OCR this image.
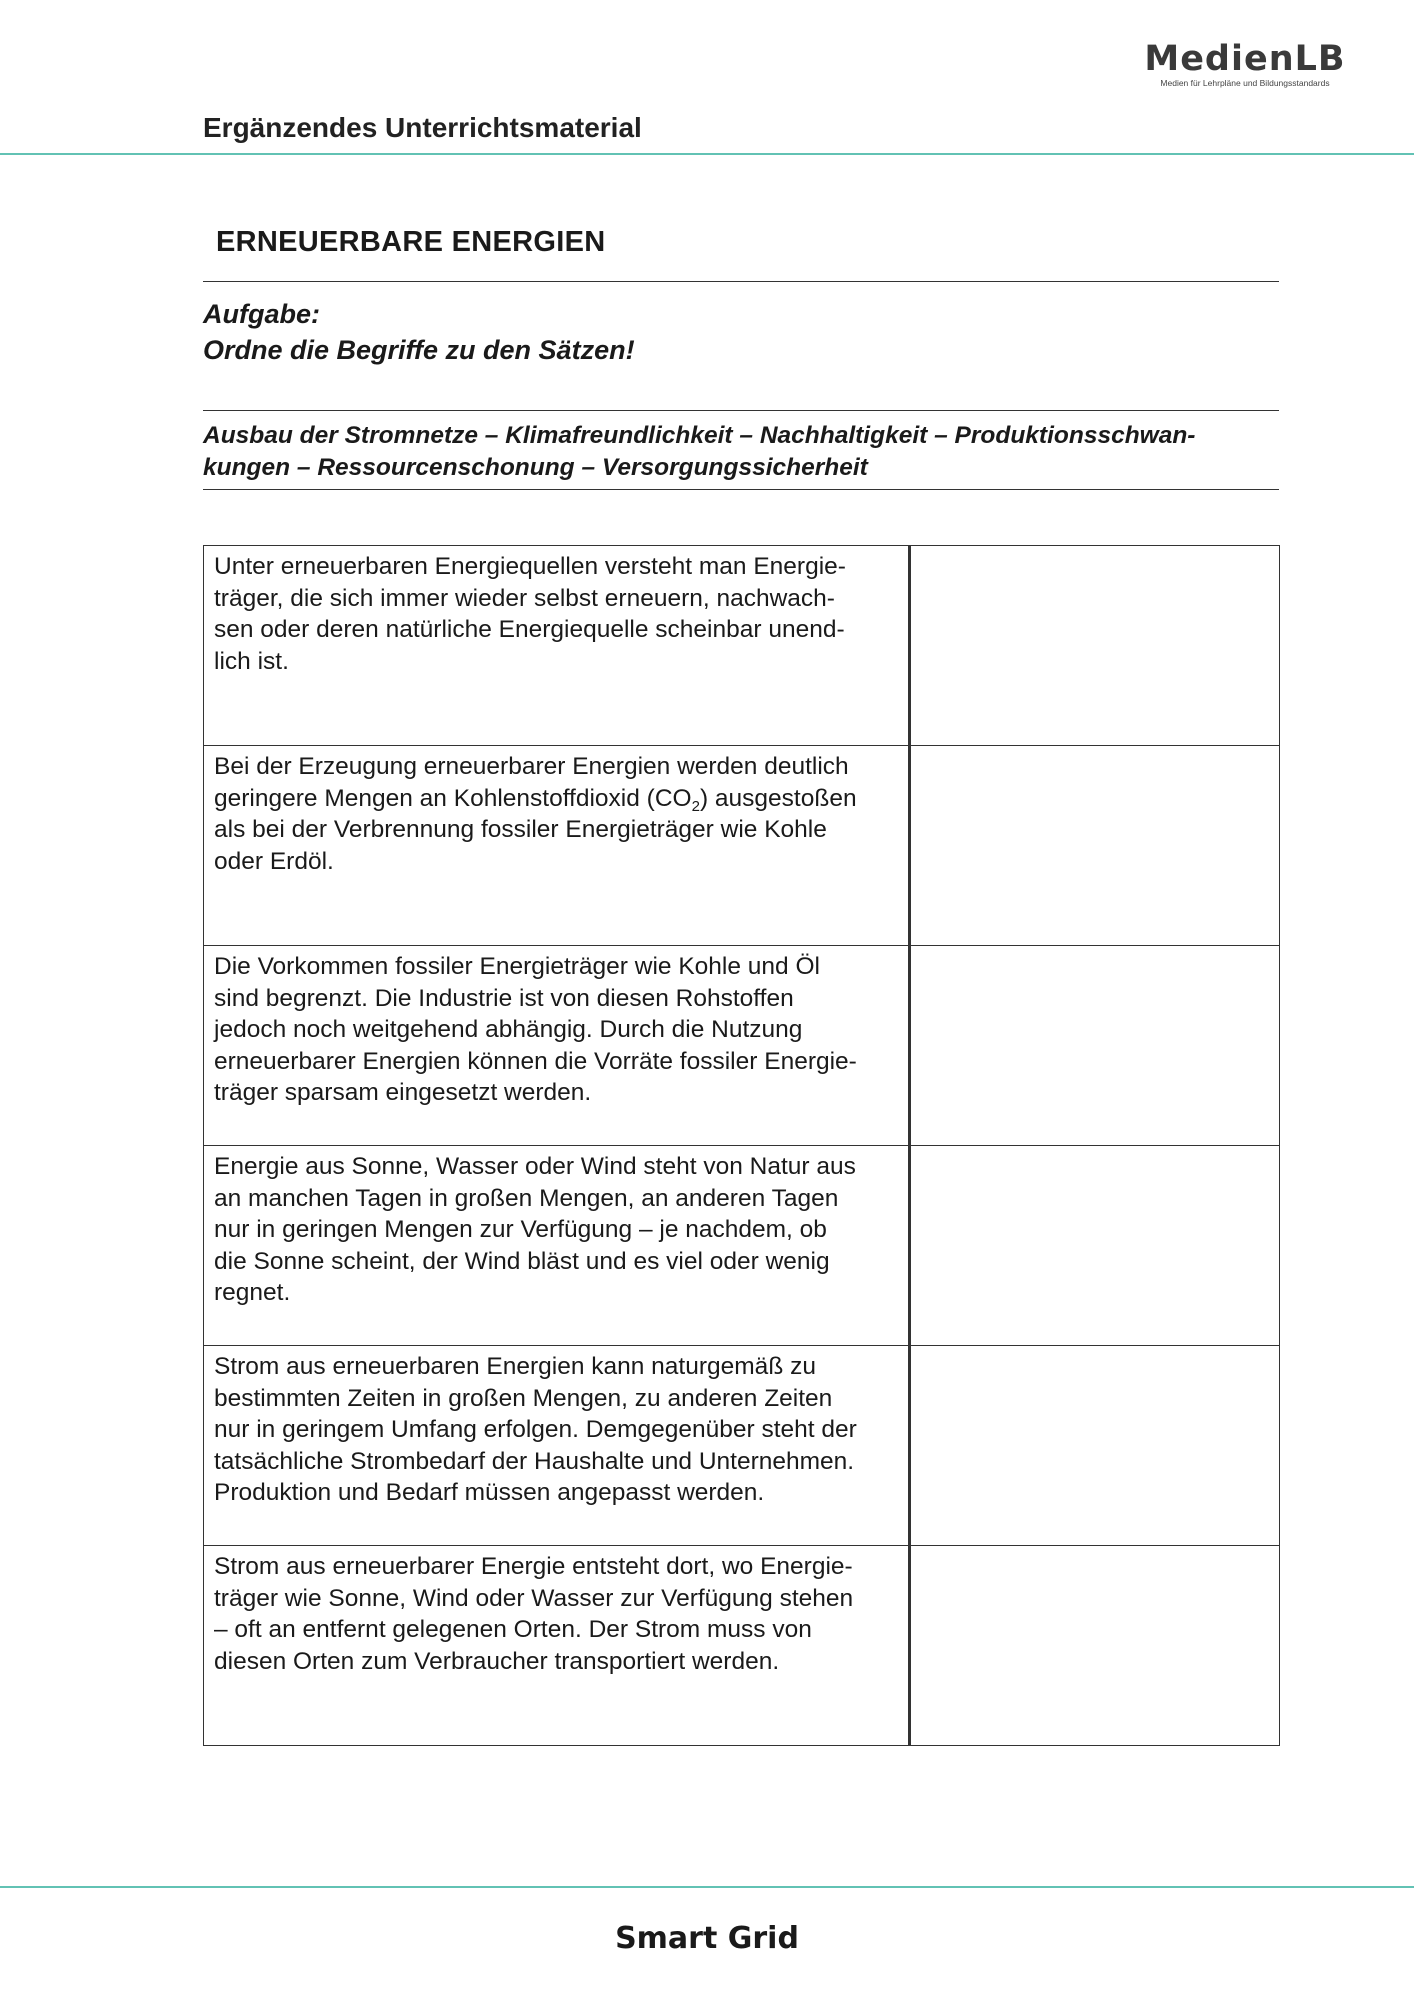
MedienLB
Medien für Lehrpläne und Bildungsstandards
Ergänzendes Unterrichtsmaterial
ERNEUERBARE ENERGIEN
Aufgabe:
Ordne die Begriffe zu den Sätzen!
Ausbau der Stromnetze – Klimafreundlichkeit – Nachhaltigkeit – Produktionsschwan-
kungen – Ressourcenschonung – Versorgungssicherheit
Unter erneuerbaren Energiequellen versteht man Energie-
träger, die sich immer wieder selbst erneuern, nachwach-
sen oder deren natürliche Energiequelle scheinbar unend-
lich ist.	

Bei der Erzeugung erneuerbarer Energien werden deutlich
geringere Mengen an Kohlenstoffdioxid $(CO_2)$ ausgestoßen
als bei der Verbrennung fossiler Energieträger wie Kohle
oder Erdöl.	

Die Vorkommen fossiler Energieträger wie Kohle und Öl
sind begrenzt. Die Industrie ist von diesen Rohstoffen
jedoch noch weitgehend abhängig. Durch die Nutzung
erneuerbarer Energien können die Vorräte fossiler Energie-
träger sparsam eingesetzt werden.	

Energie aus Sonne, Wasser oder Wind steht von Natur aus
an manchen Tagen in großen Mengen, an anderen Tagen
nur in geringen Mengen zur Verfügung – je nachdem, ob
die Sonne scheint, der Wind bläst und es viel oder wenig
regnet.	

Strom aus erneuerbaren Energien kann naturgemäß zu
bestimmten Zeiten in großen Mengen, zu anderen Zeiten
nur in geringem Umfang erfolgen. Demgegenüber steht der
tatsächliche Strombedarf der Haushalte und Unternehmen.
Produktion und Bedarf müssen angepasst werden.	

Strom aus erneuerbarer Energie entsteht dort, wo Energie-
träger wie Sonne, Wind oder Wasser zur Verfügung stehen
– oft an entfernt gelegenen Orten. Der Strom muss von
diesen Orten zum Verbraucher transportiert werden.	

Smart Grid
